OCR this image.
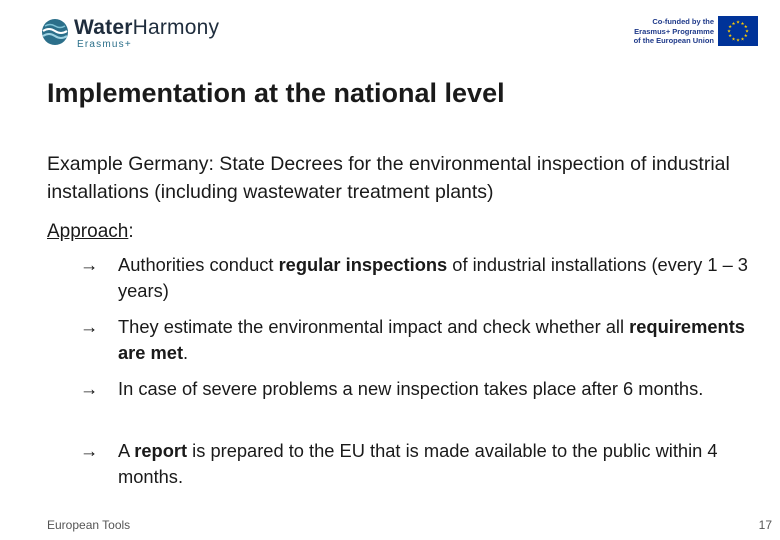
WaterHarmony
Erasmus+
Co-funded by the
Erasmus+ Programme
of the European Union
★ ★
★
★
★
★
★
★
★
★
★
★
Implementation at the national level
Example Germany: State Decrees for the environmental inspection of industrial installations (including wastewater treatment plants)
Approach:
→	Authorities conduct regular inspections of industrial installations (every 1 – 3 years)
→	They estimate the environmental impact and check whether all requirements are met.
→	In case of severe problems a new inspection takes place after 6 months.
→	A report is prepared to the EU that is made available to the public within 4 months.
European Tools	17
